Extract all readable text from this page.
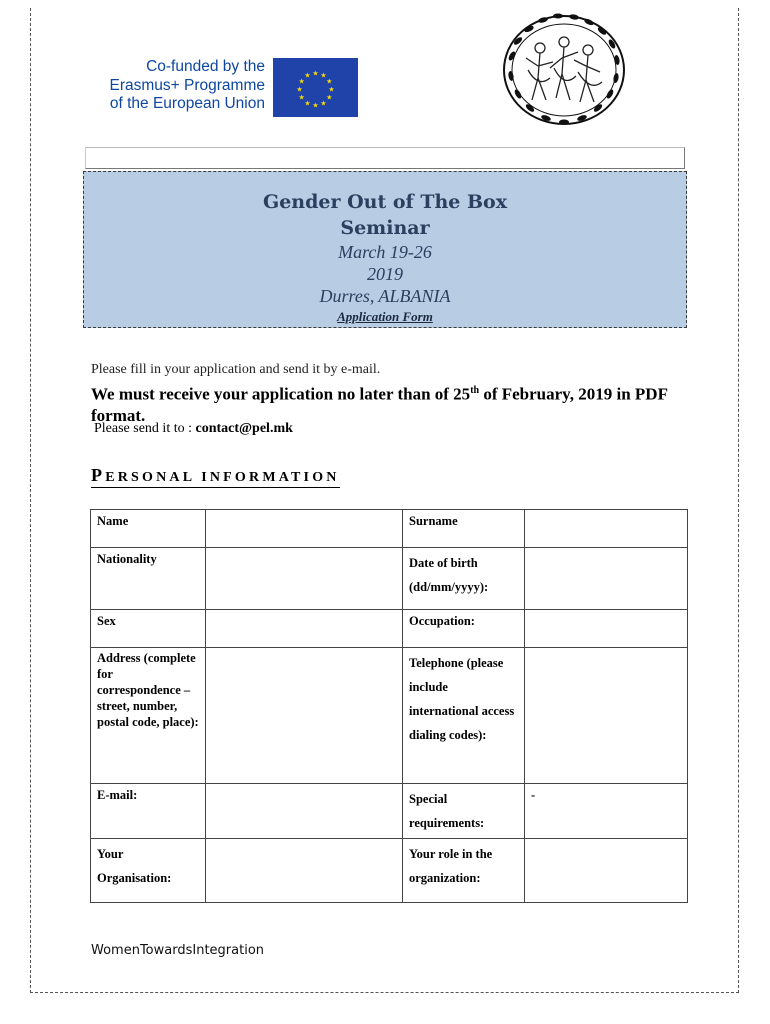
Co-funded by the
Erasmus+ Programme
of the European Union
★ ★
★
★
★
★
★
★
★
★
★
★
Gender Out of The Box
Seminar
March 19-26
2019
Durres, ALBANIA
Application Form
Please fill in your application and send it by e-mail.
We must receive your application no later than of 25th of February, 2019 in PDF format.
Please send it to : contact@pel.mk
PERSONAL INFORMATION
Name		Surname	
Nationality		Date of birth (dd/mm/yyyy):	
Sex		Occupation:	
Address (complete for correspondence – street, number, postal code, place):		Telephone (please include international access dialing codes):	
E-mail:		Special requirements:	-
Your Organisation:		Your role in the organization:	
WomenTowardsIntegration
